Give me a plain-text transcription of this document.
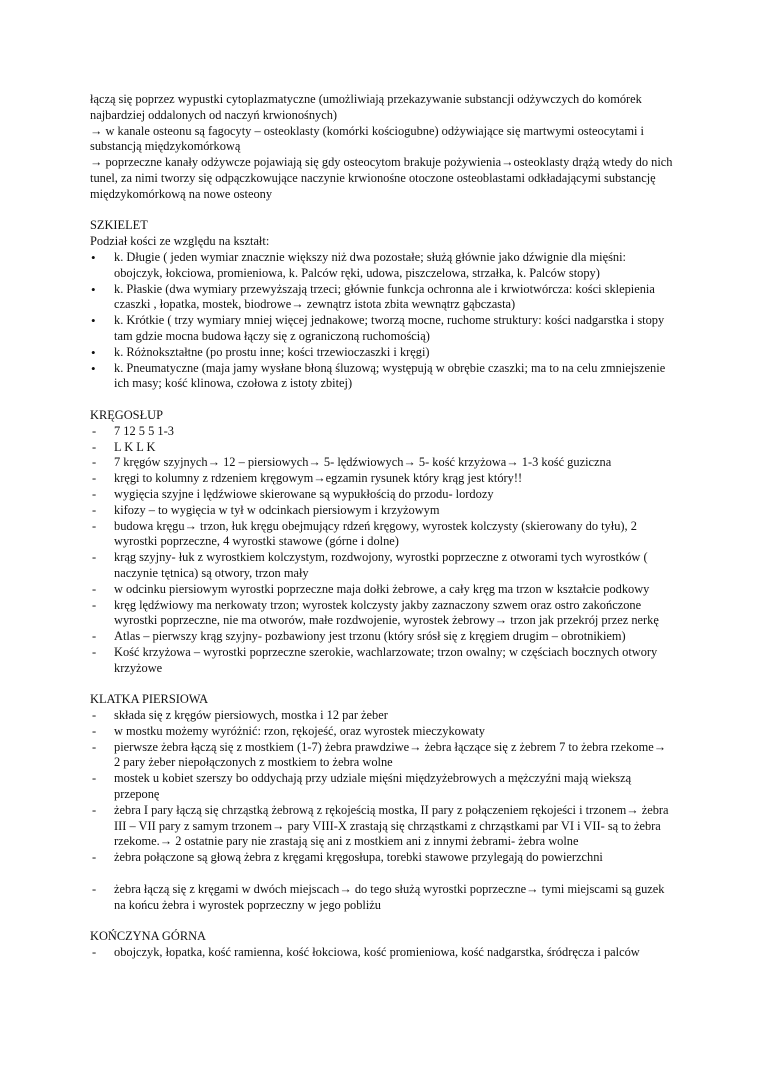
łączą się poprzez wypustki cytoplazmatyczne (umożliwiają przekazywanie substancji odżywczych do komórek najbardziej oddalonych od naczyń krwionośnych)

→ w kanale osteonu są fagocyty – osteoklasty (komórki kościogubne) odżywiające się martwymi osteocytami i substancją międzykomórkową

→ poprzeczne kanały odżywcze pojawiają się gdy osteocytom brakuje pożywienia→osteoklasty drążą wtedy do nich tunel, za nimi tworzy się odpączkowujące naczynie krwionośne otoczone osteoblastami odkładającymi substancję międzykomórkową na nowe osteony

SZKIELET

Podział kości ze względu na kształt:

• k. Długie ( jeden wymiar znacznie większy niż dwa pozostałe; służą głównie jako dźwignie dla mięśni: obojczyk, łokciowa, promieniowa, k. Palców ręki, udowa, piszczelowa, strzałka, k. Palców stopy)
• k. Płaskie (dwa wymiary przewyższają trzeci; głównie funkcja ochronna ale i krwiotwórcza: kości sklepienia czaszki , łopatka, mostek, biodrowe→ zewnątrz istota zbita wewnątrz gąbczasta)
• k. Krótkie ( trzy wymiary mniej więcej jednakowe; tworzą mocne, ruchome struktury: kości nadgarstka i stopy tam gdzie mocna budowa łączy się z ograniczoną ruchomością)
• k. Różnokształtne (po prostu inne; kości trzewioczaszki i kręgi)
• k. Pneumatyczne (maja jamy wysłane błoną śluzową; występują w obrębie czaszki; ma to na celu zmniejszenie ich masy; kość klinowa, czołowa z istoty zbitej)

KRĘGOSŁUP

- 7 12 5 5 1-3
- L K L K
- 7 kręgów szyjnych→ 12 – piersiowych→ 5- lędźwiowych→ 5- kość krzyżowa→ 1-3 kość guziczna
- kręgi to kolumny z rdzeniem kręgowym→egzamin rysunek który krąg jest który!!
- wygięcia szyjne i lędźwiowe skierowane są wypukłością do przodu- lordozy
- kifozy – to wygięcia w tył w odcinkach piersiowym i krzyżowym
- budowa kręgu→ trzon, łuk kręgu obejmujący rdzeń kręgowy, wyrostek kolczysty (skierowany do tyłu), 2 wyrostki poprzeczne, 4 wyrostki stawowe (górne i dolne)
- krąg szyjny- łuk z wyrostkiem kolczystym, rozdwojony, wyrostki poprzeczne z otworami tych wyrostków ( naczynie tętnica) są otwory, trzon mały
- w odcinku piersiowym wyrostki poprzeczne maja dołki żebrowe, a cały kręg ma trzon w kształcie podkowy
- kręg lędźwiowy ma nerkowaty trzon; wyrostek kolczysty jakby zaznaczony szwem oraz ostro zakończone wyrostki poprzeczne, nie ma otworów, małe rozdwojenie, wyrostek żebrowy→ trzon jak przekrój przez nerkę
- Atlas – pierwszy krąg szyjny- pozbawiony jest trzonu (który srósł się z kręgiem drugim – obrotnikiem)
- Kość krzyżowa – wyrostki poprzeczne szerokie, wachlarzowate; trzon owalny; w częściach bocznych otwory krzyżowe

KLATKA PIERSIOWA

- składa się z kręgów piersiowych, mostka i 12 par żeber
- w mostku możemy wyróżnić: rzon, rękojeść, oraz wyrostek mieczykowaty
- pierwsze żebra łączą się z mostkiem (1-7) żebra prawdziwe→ żebra łączące się z żebrem 7 to żebra rzekome→ 2 pary żeber niepołączonych z mostkiem to żebra wolne
- mostek u kobiet szerszy bo oddychają przy udziale mięśni międzyżebrowych a mężczyźni mają wiekszą przeponę
- żebra I pary łączą się chrząstką żebrową z rękojeścią mostka, II pary z połączeniem rękojeści i trzonem→ żebra III – VII pary z samym trzonem→ pary VIII-X zrastają się chrząstkami z chrząstkami par VI i VII- są to żebra rzekome.→ 2 ostatnie pary nie zrastają się ani z mostkiem ani z innymi żebrami- żebra wolne
- żebra połączone są głową żebra z kręgami kręgosłupa, torebki stawowe przylegają do powierzchni
- żebra łączą się z kręgami w dwóch miejscach→ do tego służą wyrostki poprzeczne→ tymi miejscami są guzek na końcu żebra i wyrostek poprzeczny w jego pobliżu

KOŃCZYNA GÓRNA

- obojczyk, łopatka, kość ramienna, kość łokciowa, kość promieniowa, kość nadgarstka, śródręcza i palców
